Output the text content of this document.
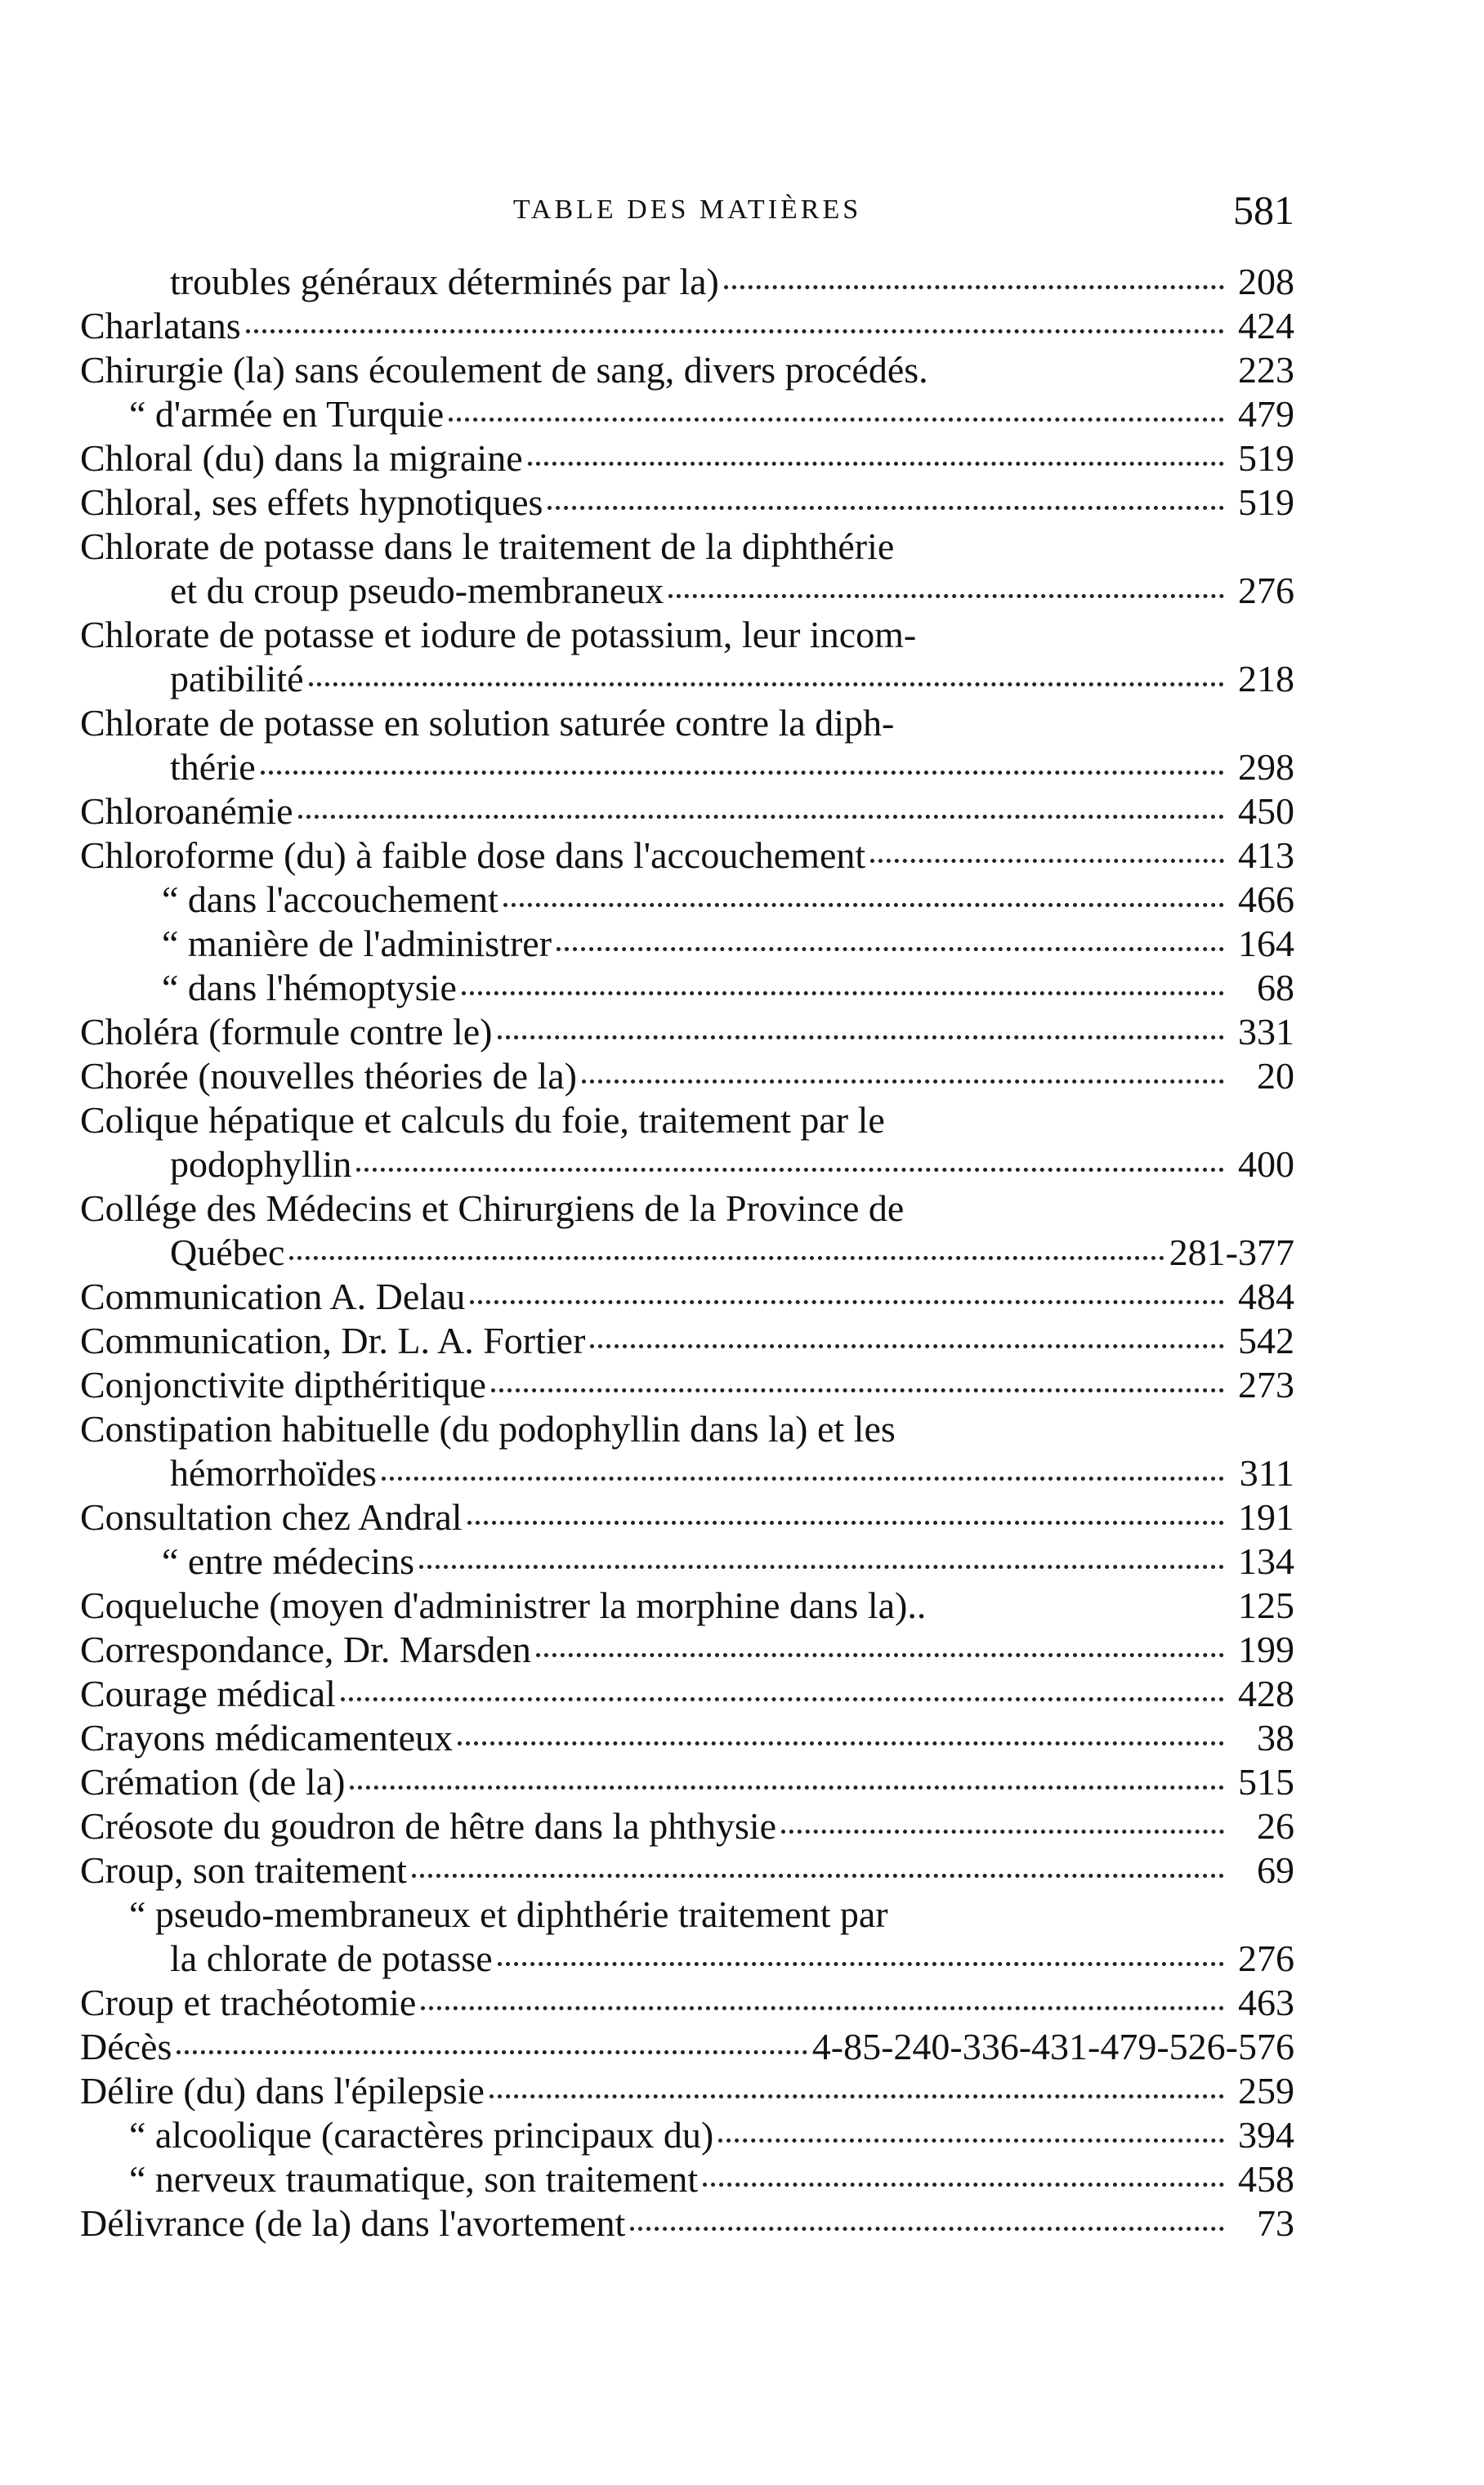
TABLE DES MATIÈRES	581
troubles généraux déterminés par la)	208
Charlatans	424
Chirurgie (la) sans écoulement de sang, divers procédés.	223
“ d'armée en Turquie	479
Chloral (du) dans la migraine	519
Chloral, ses effets hypnotiques	519
Chlorate de potasse dans le traitement de la diphthérie
et du croup pseudo-membraneux	276
Chlorate de potasse et iodure de potassium, leur incom-
patibilité	218
Chlorate de potasse en solution saturée contre la diph-
thérie	298
Chloroanémie	450
Chloroforme (du) à faible dose dans l'accouchement	413
“ dans l'accouchement	466
“ manière de l'administrer	164
“ dans l'hémoptysie	68
Choléra (formule contre le)	331
Chorée (nouvelles théories de la)	20
Colique hépatique et calculs du foie, traitement par le
podophyllin	400
Collége des Médecins et Chirurgiens de la Province de
Québec	281-377
Communication A. Delau	484
Communication, Dr. L. A. Fortier	542
Conjonctivite dipthéritique	273
Constipation habituelle (du podophyllin dans la) et les
hémorrhoïdes	311
Consultation chez Andral	191
“ entre médecins	134
Coqueluche (moyen d'administrer la morphine dans la)..	125
Correspondance, Dr. Marsden	199
Courage médical	428
Crayons médicamenteux	38
Crémation (de la)	515
Créosote du goudron de hêtre dans la phthysie	26
Croup, son traitement	69
“ pseudo-membraneux et diphthérie traitement par
la chlorate de potasse	276
Croup et trachéotomie	463
Décès	4-85-240-336-431-479-526-576
Délire (du) dans l'épilepsie	259
“ alcoolique (caractères principaux du)	394
“ nerveux traumatique, son traitement	458
Délivrance (de la) dans l'avortement	73
